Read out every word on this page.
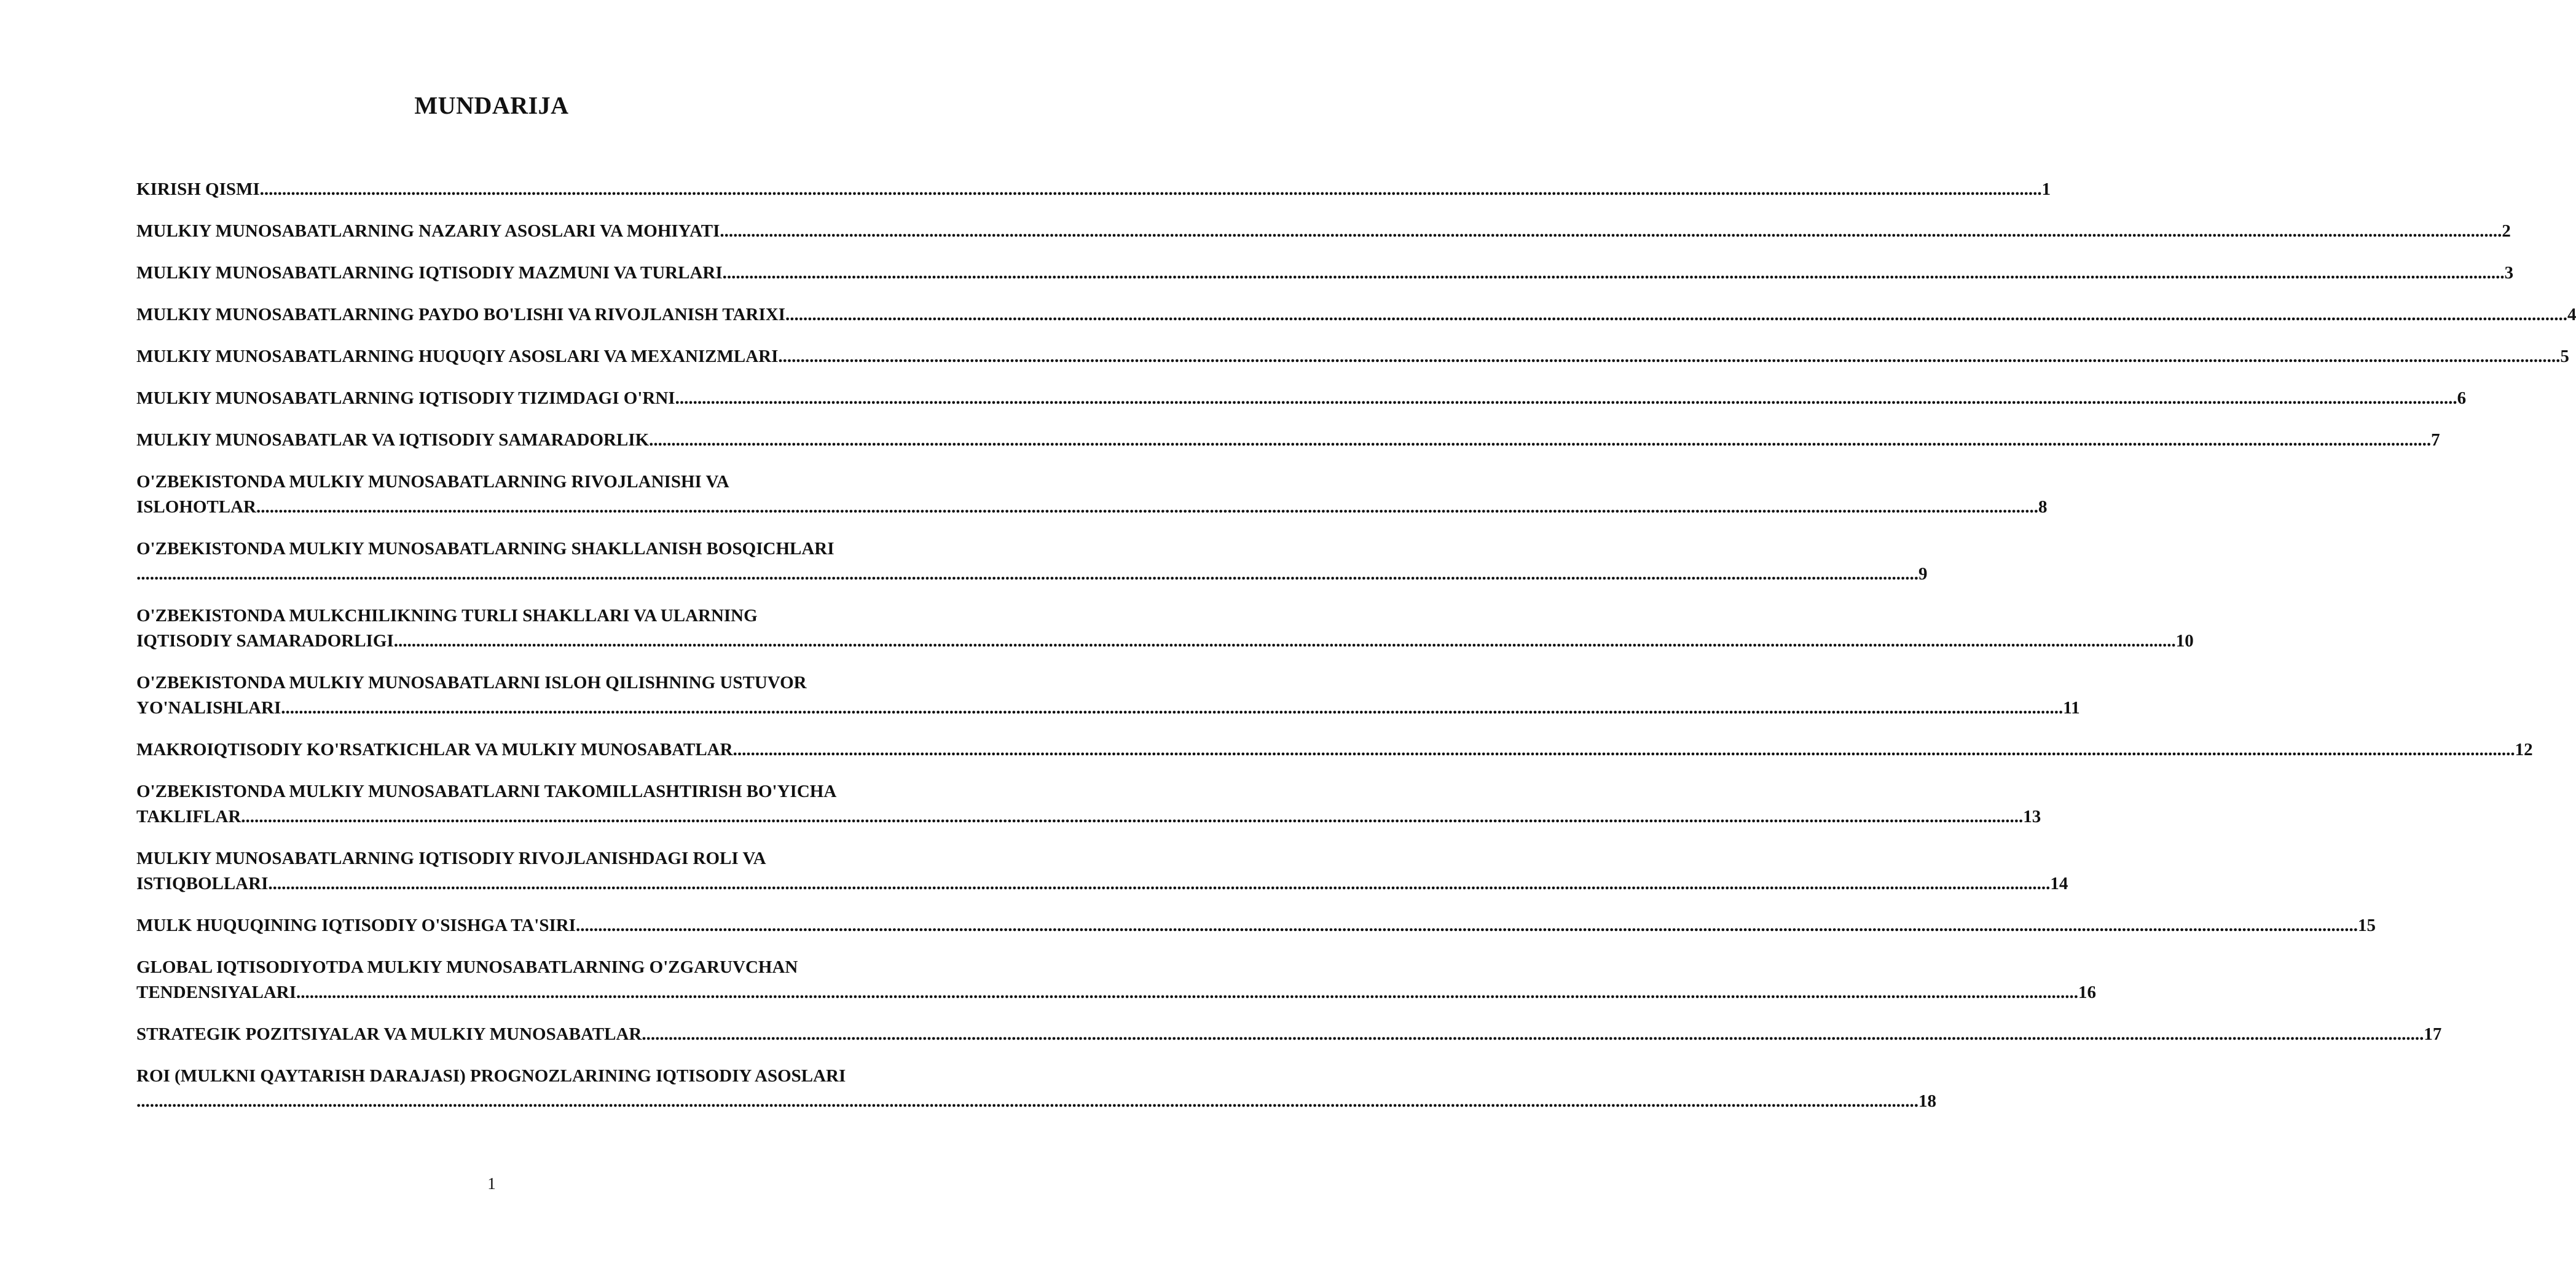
MUNDARIJA
KIRISH QISMI ................................................................................................................................................................................................................................................................................................................................................................................................................ 1
MULKIY MUNOSABATLARNING NAZARIY ASOSLARI VA MOHIYATI ................................................................................................................................................................................................................................................................................................................................................................................................................ 2
MULKIY MUNOSABATLARNING IQTISODIY MAZMUNI VA TURLARI ................................................................................................................................................................................................................................................................................................................................................................................................................ 3
MULKIY MUNOSABATLARNING PAYDO BO'LISHI VA RIVOJLANISH TARIXI ................................................................................................................................................................................................................................................................................................................................................................................................................ 4
MULKIY MUNOSABATLARNING HUQUQIY ASOSLARI VA MEXANIZMLARI ................................................................................................................................................................................................................................................................................................................................................................................................................ 5
MULKIY MUNOSABATLARNING IQTISODIY TIZIMDAGI O'RNI ................................................................................................................................................................................................................................................................................................................................................................................................................ 6
MULKIY MUNOSABATLAR VA IQTISODIY SAMARADORLIK ................................................................................................................................................................................................................................................................................................................................................................................................................ 7
O'ZBEKISTONDA MULKIY MUNOSABATLARNING RIVOJLANISHI VA
ISLOHOTLAR ................................................................................................................................................................................................................................................................................................................................................................................................................ 8
O'ZBEKISTONDA MULKIY MUNOSABATLARNING SHAKLLANISH BOSQICHLARI
................................................................................................................................................................................................................................................................................................................................................................................................................ 9
O'ZBEKISTONDA MULKCHILIKNING TURLI SHAKLLARI VA ULARNING
IQTISODIY SAMARADORLIGI ................................................................................................................................................................................................................................................................................................................................................................................................................ 10
O'ZBEKISTONDA MULKIY MUNOSABATLARNI ISLOH QILISHNING USTUVOR
YO'NALISHLARI ................................................................................................................................................................................................................................................................................................................................................................................................................ 11
MAKROIQTISODIY KO'RSATKICHLAR VA MULKIY MUNOSABATLAR ................................................................................................................................................................................................................................................................................................................................................................................................................ 12
O'ZBEKISTONDA MULKIY MUNOSABATLARNI TAKOMILLASHTIRISH BO'YICHA
TAKLIFLAR ................................................................................................................................................................................................................................................................................................................................................................................................................ 13
MULKIY MUNOSABATLARNING IQTISODIY RIVOJLANISHDAGI ROLI VA
ISTIQBOLLARI ................................................................................................................................................................................................................................................................................................................................................................................................................ 14
MULK HUQUQINING IQTISODIY O'SISHGA TA'SIRI ................................................................................................................................................................................................................................................................................................................................................................................................................ 15
GLOBAL IQTISODIYOTDA MULKIY MUNOSABATLARNING O'ZGARUVCHAN
TENDENSIYALARI ................................................................................................................................................................................................................................................................................................................................................................................................................ 16
STRATEGIK POZITSIYALAR VA MULKIY MUNOSABATLAR ................................................................................................................................................................................................................................................................................................................................................................................................................ 17
ROI (MULKNI QAYTARISH DARAJASI) PROGNOZLARINING IQTISODIY ASOSLARI
................................................................................................................................................................................................................................................................................................................................................................................................................ 18
1
